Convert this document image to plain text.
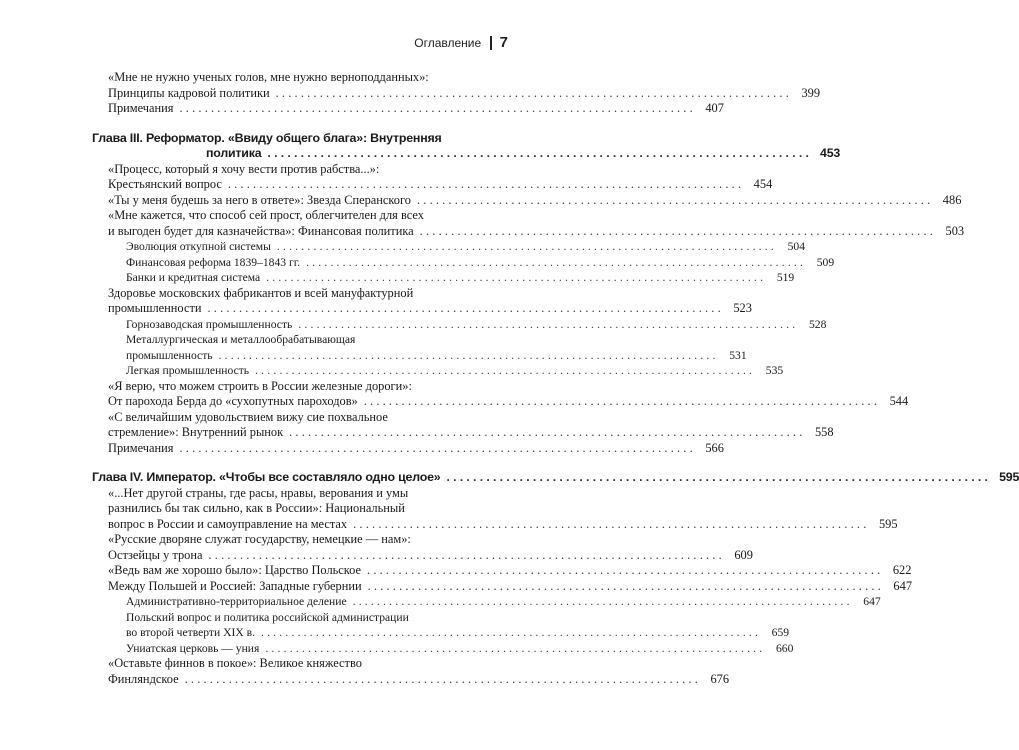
Оглавление 7
«Мне не нужно ученых голов, мне нужно верноподданных»:
Принципы кадровой политики .................................................................................. 399
Примечания .................................................................................. 407
Глава III. Реформатор. «Ввиду общего блага»: Внутренняя
политика .................................................................................. 453
«Процесс, который я хочу вести против рабства...»:
Крестьянский вопрос .................................................................................. 454
«Ты у меня будешь за него в ответе»: Звезда Сперанского .................................................................................. 486
«Мне кажется, что способ сей прост, облегчителен для всех
и выгоден будет для казначейства»: Финансовая политика .................................................................................. 503
Эволюция откупной системы .................................................................................. 504
Финансовая реформа 1839–1843 гг. .................................................................................. 509
Банки и кредитная система .................................................................................. 519
Здоровье московских фабрикантов и всей мануфактурной
промышленности .................................................................................. 523
Горнозаводская промышленность .................................................................................. 528
Металлургическая и металлообрабатывающая
промышленность .................................................................................. 531
Легкая промышленность .................................................................................. 535
«Я верю, что можем строить в России железные дороги»:
От парохода Берда до «сухопутных пароходов» .................................................................................. 544
«С величайшим удовольствием вижу сие похвальное
стремление»: Внутренний рынок .................................................................................. 558
Примечания .................................................................................. 566
Глава IV. Император. «Чтобы все составляло одно целое» .................................................................................. 595
«...Нет другой страны, где расы, нравы, верования и умы
разнились бы так сильно, как в России»: Национальный
вопрос в России и самоуправление на местах .................................................................................. 595
«Русские дворяне служат государству, немецкие — нам»:
Остзейцы у трона .................................................................................. 609
«Ведь вам же хорошо было»: Царство Польское .................................................................................. 622
Между Польшей и Россией: Западные губернии .................................................................................. 647
Административно-территориальное деление .................................................................................. 647
Польский вопрос и политика российской администрации
во второй четверти XIX в. .................................................................................. 659
Униатская церковь — уния .................................................................................. 660
«Оставьте финнов в покое»: Великое княжество
Финляндское .................................................................................. 676
